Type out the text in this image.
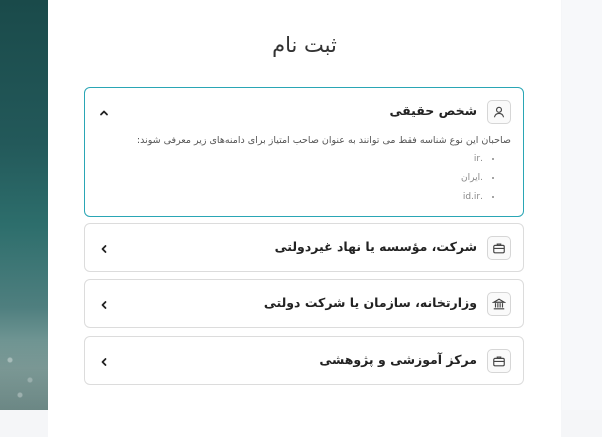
ثبت نام
شخص حقیقی

صاحبان این نوع شناسه فقط می توانند به عنوان صاحب امتیاز برای دامنه‌های زیر معرفی شوند:

• .ir
• .ایران
• .id.ir
شرکت، مؤسسه یا نهاد غیردولتی
وزارتخانه، سازمان یا شرکت دولتی
مرکز آموزشی و پژوهشی
